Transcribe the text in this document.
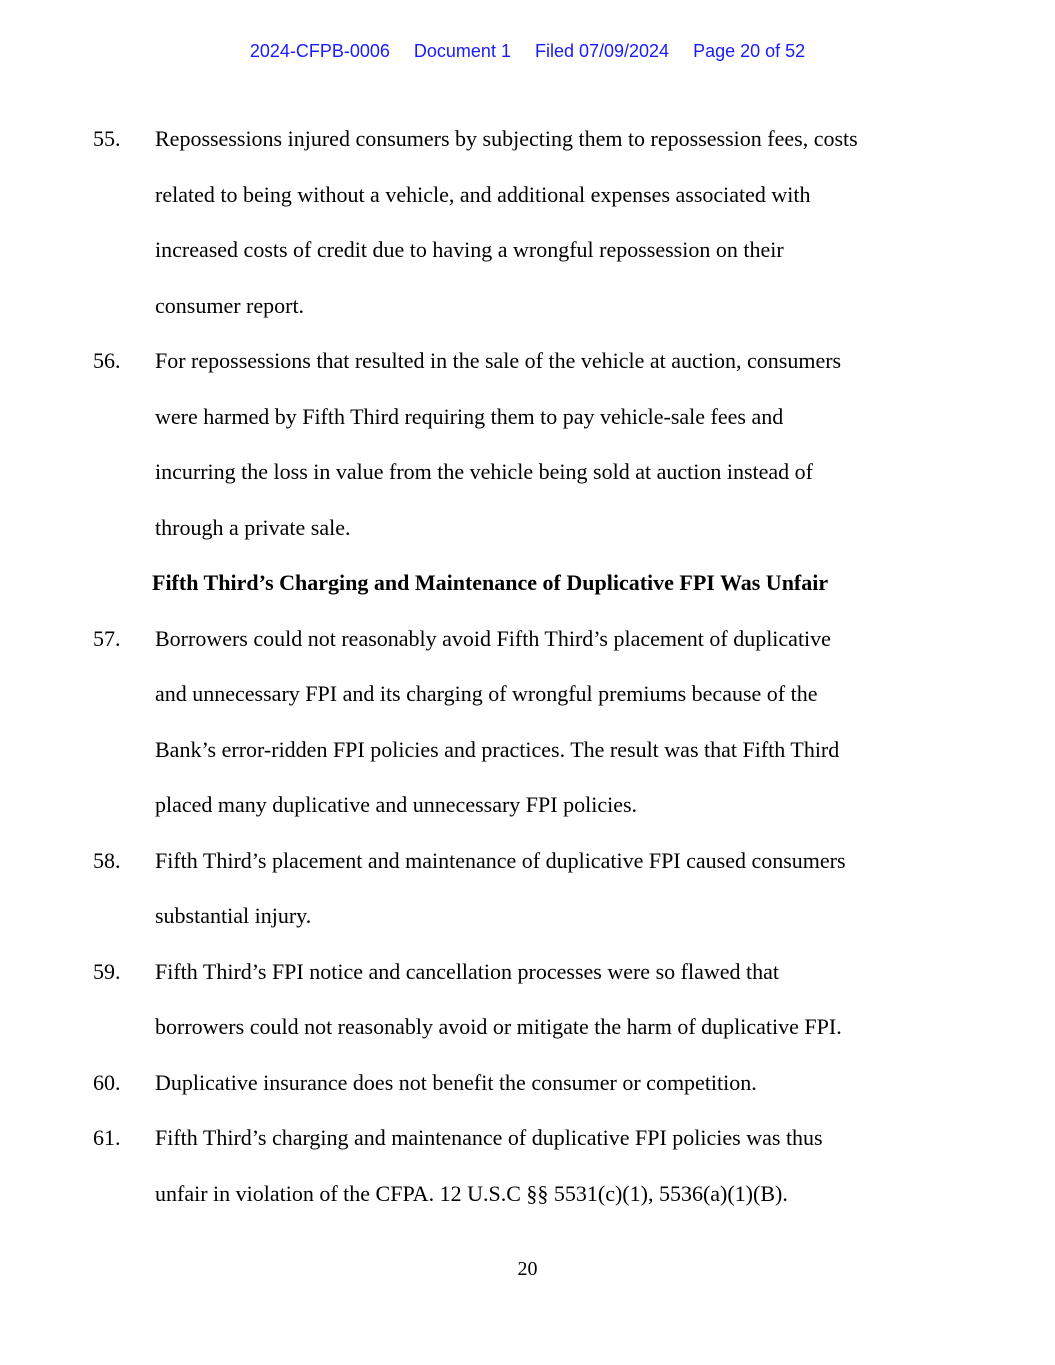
2024-CFPB-0006 Document 1 Filed 07/09/2024 Page 20 of 52
55. Repossessions injured consumers by subjecting them to repossession fees, costs
related to being without a vehicle, and additional expenses associated with
increased costs of credit due to having a wrongful repossession on their
consumer report.
56. For repossessions that resulted in the sale of the vehicle at auction, consumers
were harmed by Fifth Third requiring them to pay vehicle-sale fees and
incurring the loss in value from the vehicle being sold at auction instead of
through a private sale.
Fifth Third’s Charging and Maintenance of Duplicative FPI Was Unfair
57. Borrowers could not reasonably avoid Fifth Third’s placement of duplicative
and unnecessary FPI and its charging of wrongful premiums because of the
Bank’s error-ridden FPI policies and practices. The result was that Fifth Third
placed many duplicative and unnecessary FPI policies.
58. Fifth Third’s placement and maintenance of duplicative FPI caused consumers
substantial injury.
59. Fifth Third’s FPI notice and cancellation processes were so flawed that
borrowers could not reasonably avoid or mitigate the harm of duplicative FPI.
60. Duplicative insurance does not benefit the consumer or competition.
61. Fifth Third’s charging and maintenance of duplicative FPI policies was thus
unfair in violation of the CFPA. 12 U.S.C §§ 5531(c)(1), 5536(a)(1)(B).
20
